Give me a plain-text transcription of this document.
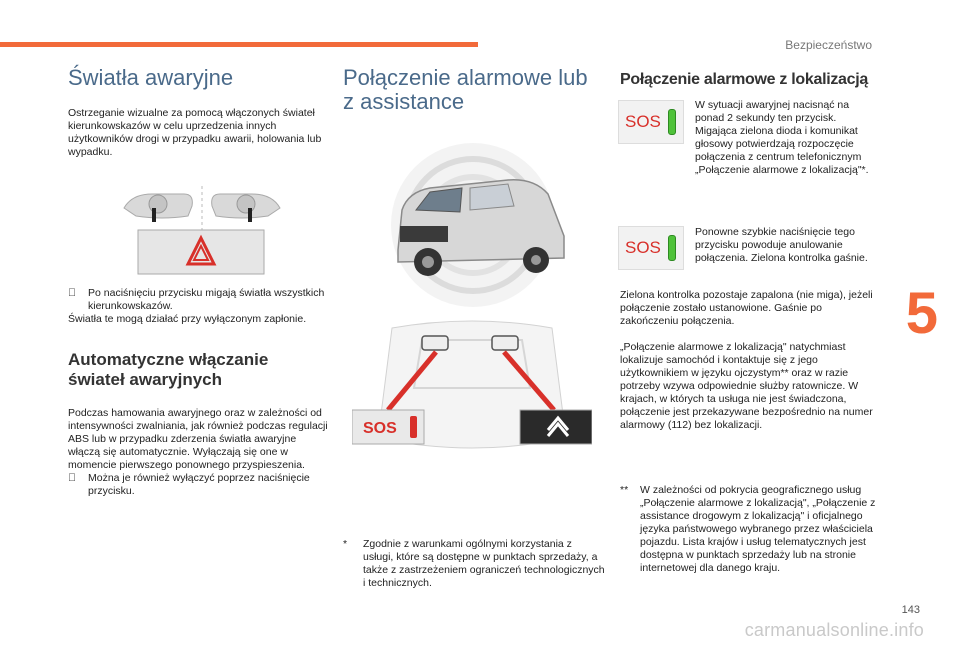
Bezpieczeństwo
5
143
carmanualsonline.info
Światła awaryjne

Ostrzeganie wizualne za pomocą włączonych świateł kierunkowskazów w celu uprzedzenia innych użytkowników drogi w przypadku awarii, holowania lub wypadku.

Po naciśnięciu przycisku migają światła wszystkich kierunkowskazów.

Światła te mogą działać przy wyłączonym zapłonie.

Automatyczne włączanie świateł awaryjnych

Podczas hamowania awaryjnego oraz w zależności od intensywności zwalniania, jak również podczas regulacji ABS lub w przypadku zderzenia światła awaryjne włączą się automatycznie. Wyłączają się one w momencie pierwszego ponownego przyspieszenia.

Można je również wyłączyć poprzez naciśnięcie przycisku.
Połączenie alarmowe lub
z assistance
SOS
* Zgodnie z warunkami ogólnymi korzystania z usługi, które są dostępne w punktach sprzedaży, a także z zastrzeżeniem ograniczeń technologicznych i technicznych.
Połączenie alarmowe z lokalizacją
SOS

W sytuacji awaryjnej nacisnąć na ponad 2 sekundy ten przycisk. Migająca zielona dioda i komunikat głosowy potwierdzają rozpoczęcie połączenia z centrum telefonicznym „Połączenie alarmowe z lokalizacją"*.

SOS

Ponowne szybkie naciśnięcie tego przycisku powoduje anulowanie połączenia. Zielona kontrolka gaśnie.

Zielona kontrolka pozostaje zapalona (nie miga), jeżeli połączenie zostało ustanowione. Gaśnie po zakończeniu połączenia.

„Połączenie alarmowe z lokalizacją" natychmiast lokalizuje samochód i kontaktuje się z jego użytkownikiem w języku ojczystym** oraz w razie potrzeby wzywa odpowiednie służby ratownicze. W krajach, w których ta usługa nie jest świadczona, połączenie jest przekazywane bezpośrednio na numer alarmowy (112) bez lokalizacji.

** W zależności od pokrycia geograficznego usług „Połączenie alarmowe z lokalizacją", „Połączenie z assistance drogowym z lokalizacją" i oficjalnego języka państwowego wybranego przez właściciela pojazdu. Lista krajów i usług telematycznych jest dostępna w punktach sprzedaży lub na stronie internetowej dla danego kraju.
